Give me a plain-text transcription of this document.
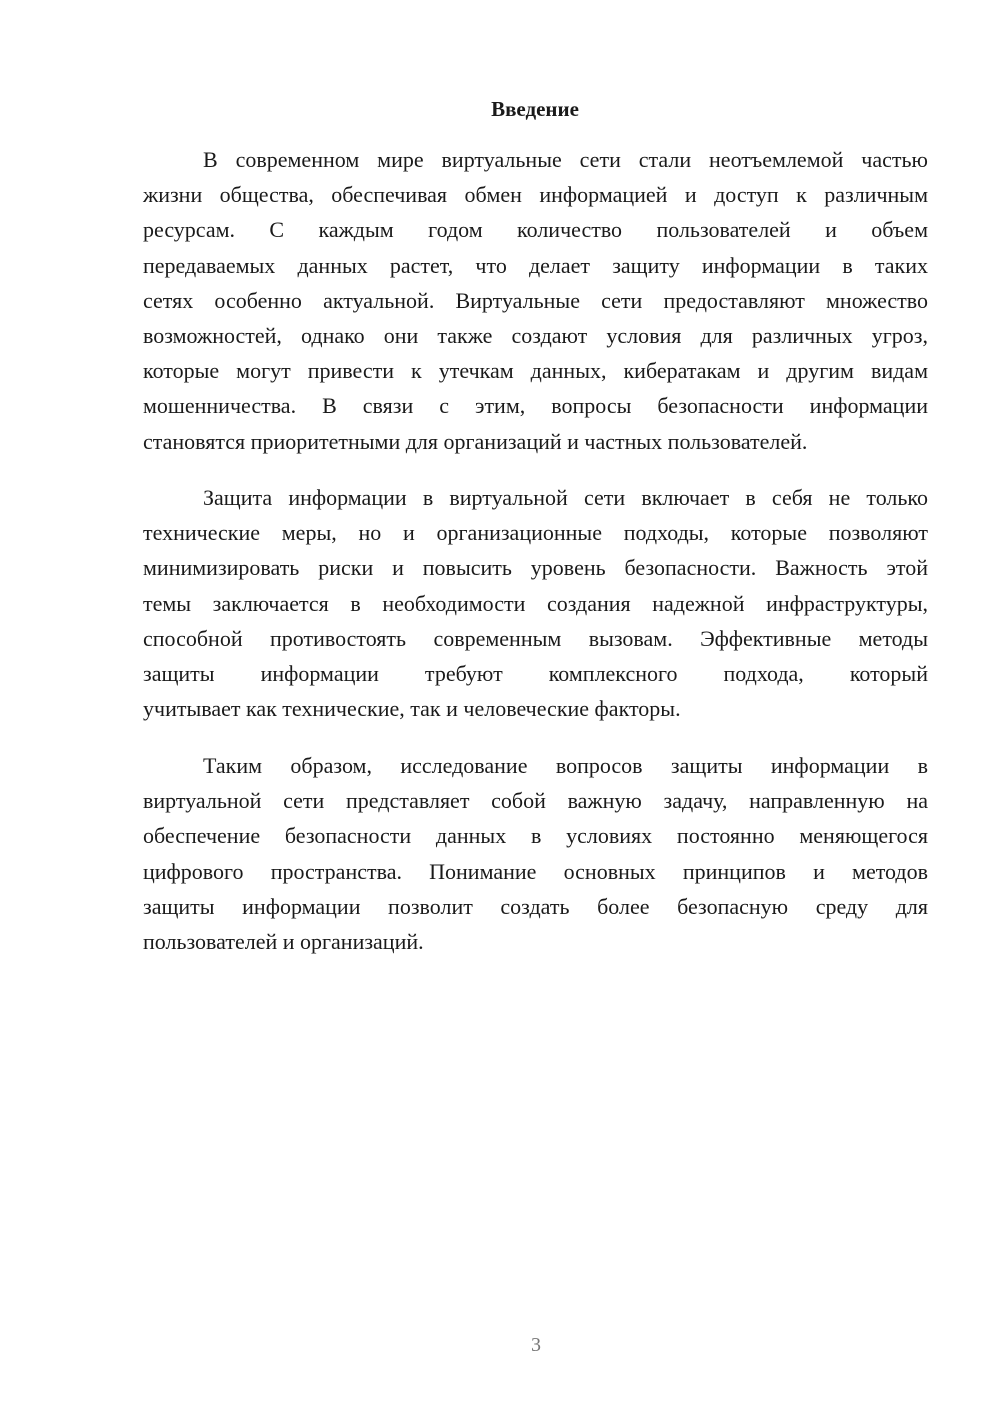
Введение
В современном мире виртуальные сети стали неотъемлемой частью
жизни общества, обеспечивая обмен информацией и доступ к различным
ресурсам. С каждым годом количество пользователей и объем
передаваемых данных растет, что делает защиту информации в таких
сетях особенно актуальной. Виртуальные сети предоставляют множество
возможностей, однако они также создают условия для различных угроз,
которые могут привести к утечкам данных, кибератакам и другим видам
мошенничества. В связи с этим, вопросы безопасности информации
становятся приоритетными для организаций и частных пользователей.
Защита информации в виртуальной сети включает в себя не только
технические меры, но и организационные подходы, которые позволяют
минимизировать риски и повысить уровень безопасности. Важность этой
темы заключается в необходимости создания надежной инфраструктуры,
способной противостоять современным вызовам. Эффективные методы
защиты информации требуют комплексного подхода, который
учитывает как технические, так и человеческие факторы.
Таким образом, исследование вопросов защиты информации в
виртуальной сети представляет собой важную задачу, направленную на
обеспечение безопасности данных в условиях постоянно меняющегося
цифрового пространства. Понимание основных принципов и методов
защиты информации позволит создать более безопасную среду для
пользователей и организаций.
3
